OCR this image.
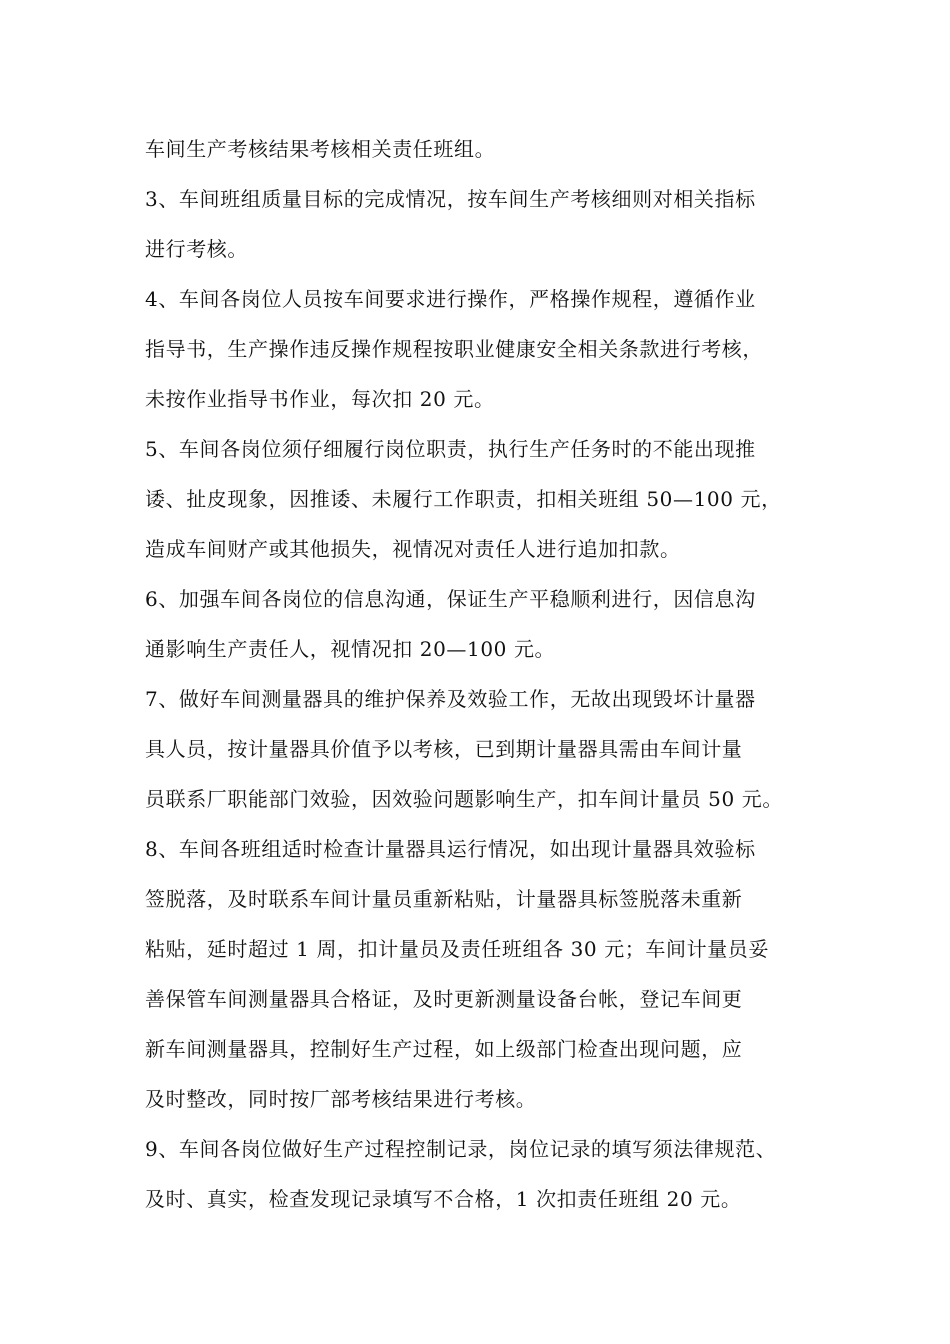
车间生产考核结果考核相关责任班组。
3、车间班组质量目标的完成情况，按车间生产考核细则对相关指标
进行考核。
4、车间各岗位人员按车间要求进行操作，严格操作规程，遵循作业
指导书，生产操作违反操作规程按职业健康安全相关条款进行考核，
未按作业指导书作业，每次扣 20 元。
5、车间各岗位须仔细履行岗位职责，执行生产任务时的不能出现推
诿、扯皮现象，因推诿、未履行工作职责，扣相关班组 50—100 元，
造成车间财产或其他损失，视情况对责任人进行追加扣款。
6、加强车间各岗位的信息沟通，保证生产平稳顺利进行，因信息沟
通影响生产责任人，视情况扣 20—100 元。
7、做好车间测量器具的维护保养及效验工作，无故出现毁坏计量器
具人员，按计量器具价值予以考核，已到期计量器具需由车间计量
员联系厂职能部门效验，因效验问题影响生产，扣车间计量员 50 元。
8、车间各班组适时检查计量器具运行情况，如出现计量器具效验标
签脱落，及时联系车间计量员重新粘贴，计量器具标签脱落未重新
粘贴，延时超过 1 周，扣计量员及责任班组各 30 元；车间计量员妥
善保管车间测量器具合格证，及时更新测量设备台帐，登记车间更
新车间测量器具，控制好生产过程，如上级部门检查出现问题，应
及时整改，同时按厂部考核结果进行考核。
9、车间各岗位做好生产过程控制记录，岗位记录的填写须法律规范、
及时、真实，检查发现记录填写不合格，1 次扣责任班组 20 元。
